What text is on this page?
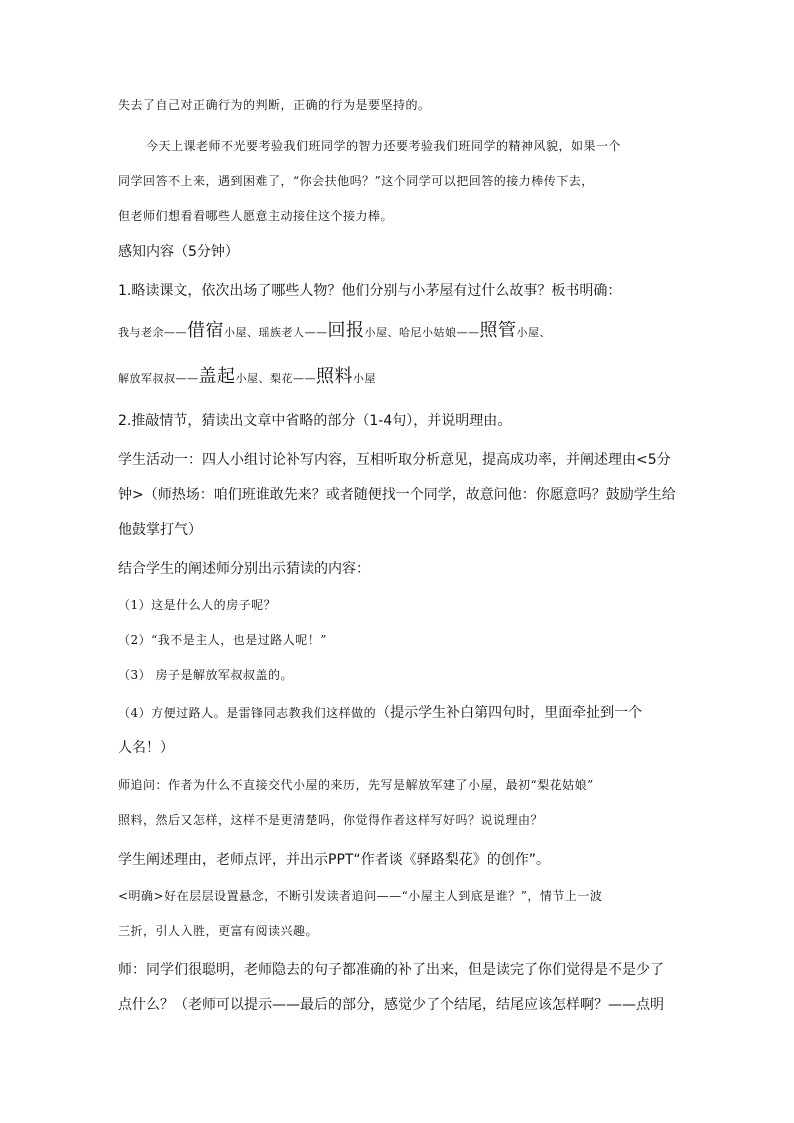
失去了自己对正确行为的判断，正确的行为是要坚持的。
今天上课老师不光要考验我们班同学的智力还要考验我们班同学的精神风貌，如果一个
同学回答不上来，遇到困难了，“你会扶他吗？”这个同学可以把回答的接力棒传下去，
但老师们想看看哪些人愿意主动接住这个接力棒。
感知内容（5分钟）
1.略读课文，依次出场了哪些人物？他们分别与小茅屋有过什么故事？板书明确：
我与老余——借宿小屋、瑶族老人——回报小屋、哈尼小姑娘——照管小屋、
解放军叔叔——盖起小屋、梨花——照料小屋
2.推敲情节，猜读出文章中省略的部分（1-4句），并说明理由。
学生活动一：四人小组讨论补写内容，互相听取分析意见，提高成功率，并阐述理由<5分
钟>（师热场：咱们班谁敢先来？或者随便找一个同学，故意问他：你愿意吗？鼓励学生给
他鼓掌打气）
结合学生的阐述师分别出示猜读的内容：
（1）这是什么人的房子呢？
（2）“我不是主人，也是过路人呢！”
（3） 房子是解放军叔叔盖的。
（4）方便过路人。是雷锋同志教我们这样做的（提示学生补白第四句时，里面牵扯到一个
人名！）
师追问：作者为什么不直接交代小屋的来历，先写是解放军建了小屋，最初“梨花姑娘”
照料，然后又怎样，这样不是更清楚吗，你觉得作者这样写好吗？说说理由？
学生阐述理由，老师点评，并出示PPT“作者谈《驿路梨花》的创作”。
<明确>好在层层设置悬念，不断引发读者追问——“小屋主人到底是谁？”，情节上一波
三折，引人入胜，更富有阅读兴趣。
师：同学们很聪明，老师隐去的句子都准确的补了出来，但是读完了你们觉得是不是少了
点什么？（老师可以提示——最后的部分，感觉少了个结尾，结尾应该怎样啊？——点明
